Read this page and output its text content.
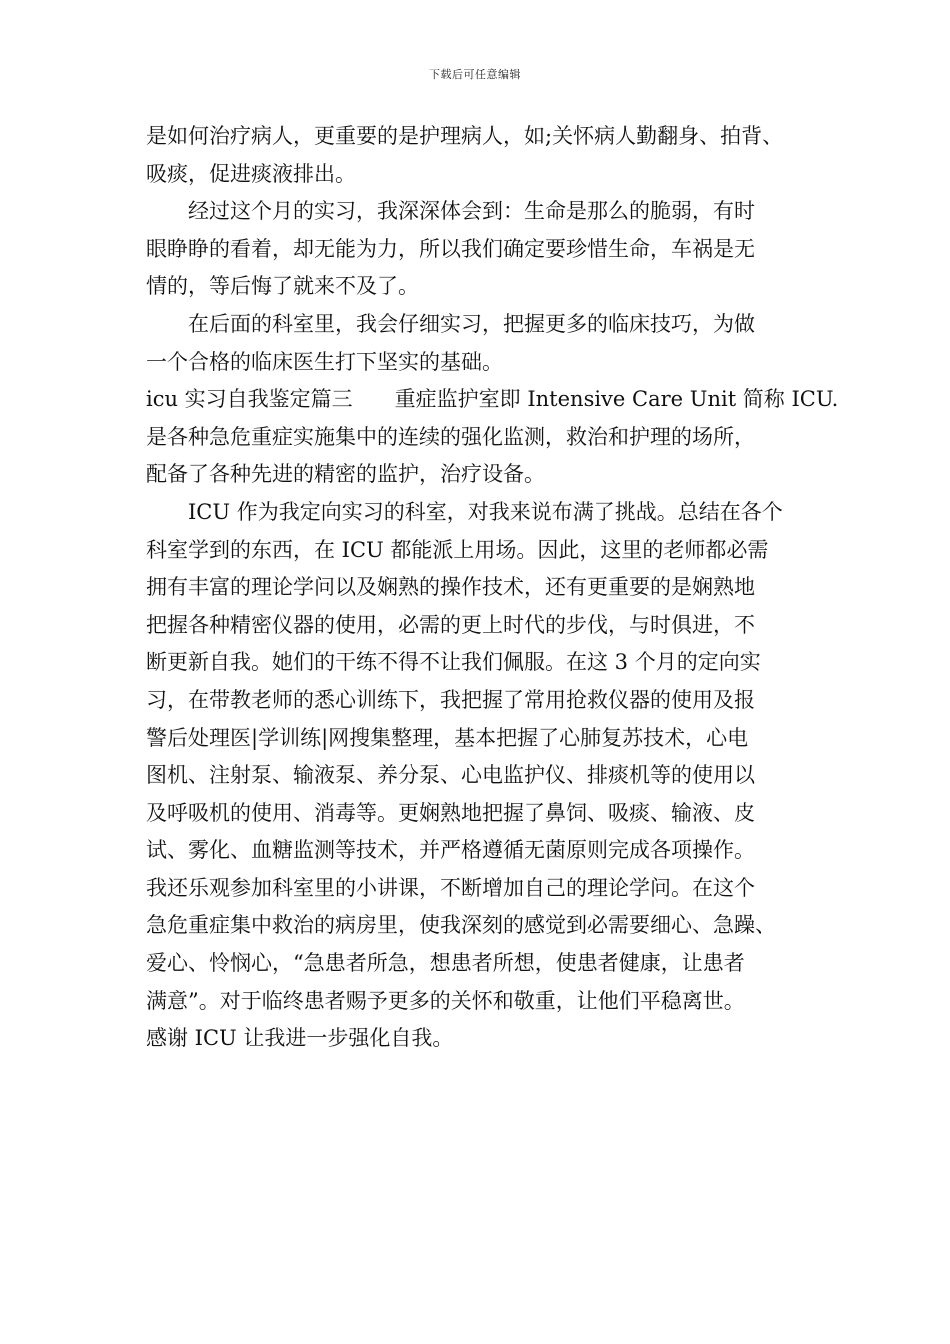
下载后可任意编辑
是如何治疗病人，更重要的是护理病人，如;关怀病人勤翻身、拍背、
吸痰，促进痰液排出。
经过这个月的实习，我深深体会到：生命是那么的脆弱，有时
眼睁睁的看着，却无能为力，所以我们确定要珍惜生命，车祸是无
情的，等后悔了就来不及了。
在后面的科室里，我会仔细实习，把握更多的临床技巧，为做
一个合格的临床医生打下坚实的基础。
icu 实习自我鉴定篇三　　重症监护室即 Intensive Care Unit 简称 ICU.
是各种急危重症实施集中的连续的强化监测，救治和护理的场所，
配备了各种先进的精密的监护，治疗设备。
ICU 作为我定向实习的科室，对我来说布满了挑战。总结在各个
科室学到的东西，在 ICU 都能派上用场。因此，这里的老师都必需
拥有丰富的理论学问以及娴熟的操作技术，还有更重要的是娴熟地
把握各种精密仪器的使用，必需的更上时代的步伐，与时俱进，不
断更新自我。她们的干练不得不让我们佩服。在这 3 个月的定向实
习，在带教老师的悉心训练下，我把握了常用抢救仪器的使用及报
警后处理医|学训练|网搜集整理，基本把握了心肺复苏技术，心电
图机、注射泵、输液泵、养分泵、心电监护仪、排痰机等的使用以
及呼吸机的使用、消毒等。更娴熟地把握了鼻饲、吸痰、输液、皮
试、雾化、血糖监测等技术，并严格遵循无菌原则完成各项操作。
我还乐观参加科室里的小讲课，不断增加自己的理论学问。在这个
急危重症集中救治的病房里，使我深刻的感觉到必需要细心、急躁、
爱心、怜悯心，“急患者所急，想患者所想，使患者健康，让患者
满意”。对于临终患者赐予更多的关怀和敬重，让他们平稳离世。
感谢 ICU 让我进一步强化自我。
